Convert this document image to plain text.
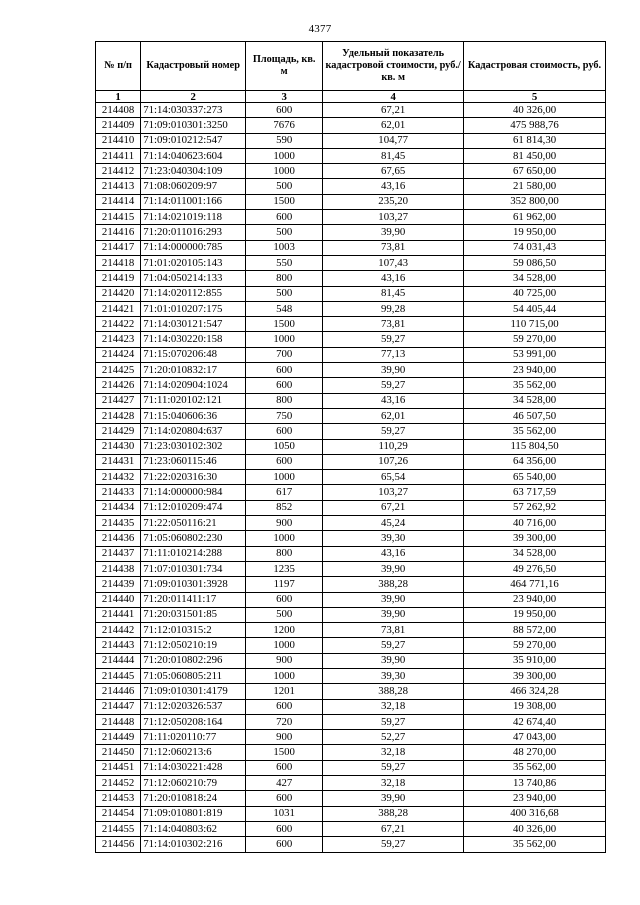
4377
№ п/п	Кадастровый номер	Площадь, кв. м	Удельный показатель кадастровой стоимости, руб./кв. м	Кадастровая стоимость, руб.
1	2	3	4	5
214408	71:14:030337:273	600	67,21	40 326,00
214409	71:09:010301:3250	7676	62,01	475 988,76
214410	71:09:010212:547	590	104,77	61 814,30
214411	71:14:040623:604	1000	81,45	81 450,00
214412	71:23:040304:109	1000	67,65	67 650,00
214413	71:08:060209:97	500	43,16	21 580,00
214414	71:14:011001:166	1500	235,20	352 800,00
214415	71:14:021019:118	600	103,27	61 962,00
214416	71:20:011016:293	500	39,90	19 950,00
214417	71:14:000000:785	1003	73,81	74 031,43
214418	71:01:020105:143	550	107,43	59 086,50
214419	71:04:050214:133	800	43,16	34 528,00
214420	71:14:020112:855	500	81,45	40 725,00
214421	71:01:010207:175	548	99,28	54 405,44
214422	71:14:030121:547	1500	73,81	110 715,00
214423	71:14:030220:158	1000	59,27	59 270,00
214424	71:15:070206:48	700	77,13	53 991,00
214425	71:20:010832:17	600	39,90	23 940,00
214426	71:14:020904:1024	600	59,27	35 562,00
214427	71:11:020102:121	800	43,16	34 528,00
214428	71:15:040606:36	750	62,01	46 507,50
214429	71:14:020804:637	600	59,27	35 562,00
214430	71:23:030102:302	1050	110,29	115 804,50
214431	71:23:060115:46	600	107,26	64 356,00
214432	71:22:020316:30	1000	65,54	65 540,00
214433	71:14:000000:984	617	103,27	63 717,59
214434	71:12:010209:474	852	67,21	57 262,92
214435	71:22:050116:21	900	45,24	40 716,00
214436	71:05:060802:230	1000	39,30	39 300,00
214437	71:11:010214:288	800	43,16	34 528,00
214438	71:07:010301:734	1235	39,90	49 276,50
214439	71:09:010301:3928	1197	388,28	464 771,16
214440	71:20:011411:17	600	39,90	23 940,00
214441	71:20:031501:85	500	39,90	19 950,00
214442	71:12:010315:2	1200	73,81	88 572,00
214443	71:12:050210:19	1000	59,27	59 270,00
214444	71:20:010802:296	900	39,90	35 910,00
214445	71:05:060805:211	1000	39,30	39 300,00
214446	71:09:010301:4179	1201	388,28	466 324,28
214447	71:12:020326:537	600	32,18	19 308,00
214448	71:12:050208:164	720	59,27	42 674,40
214449	71:11:020110:77	900	52,27	47 043,00
214450	71:12:060213:6	1500	32,18	48 270,00
214451	71:14:030221:428	600	59,27	35 562,00
214452	71:12:060210:79	427	32,18	13 740,86
214453	71:20:010818:24	600	39,90	23 940,00
214454	71:09:010801:819	1031	388,28	400 316,68
214455	71:14:040803:62	600	67,21	40 326,00
214456	71:14:010302:216	600	59,27	35 562,00
